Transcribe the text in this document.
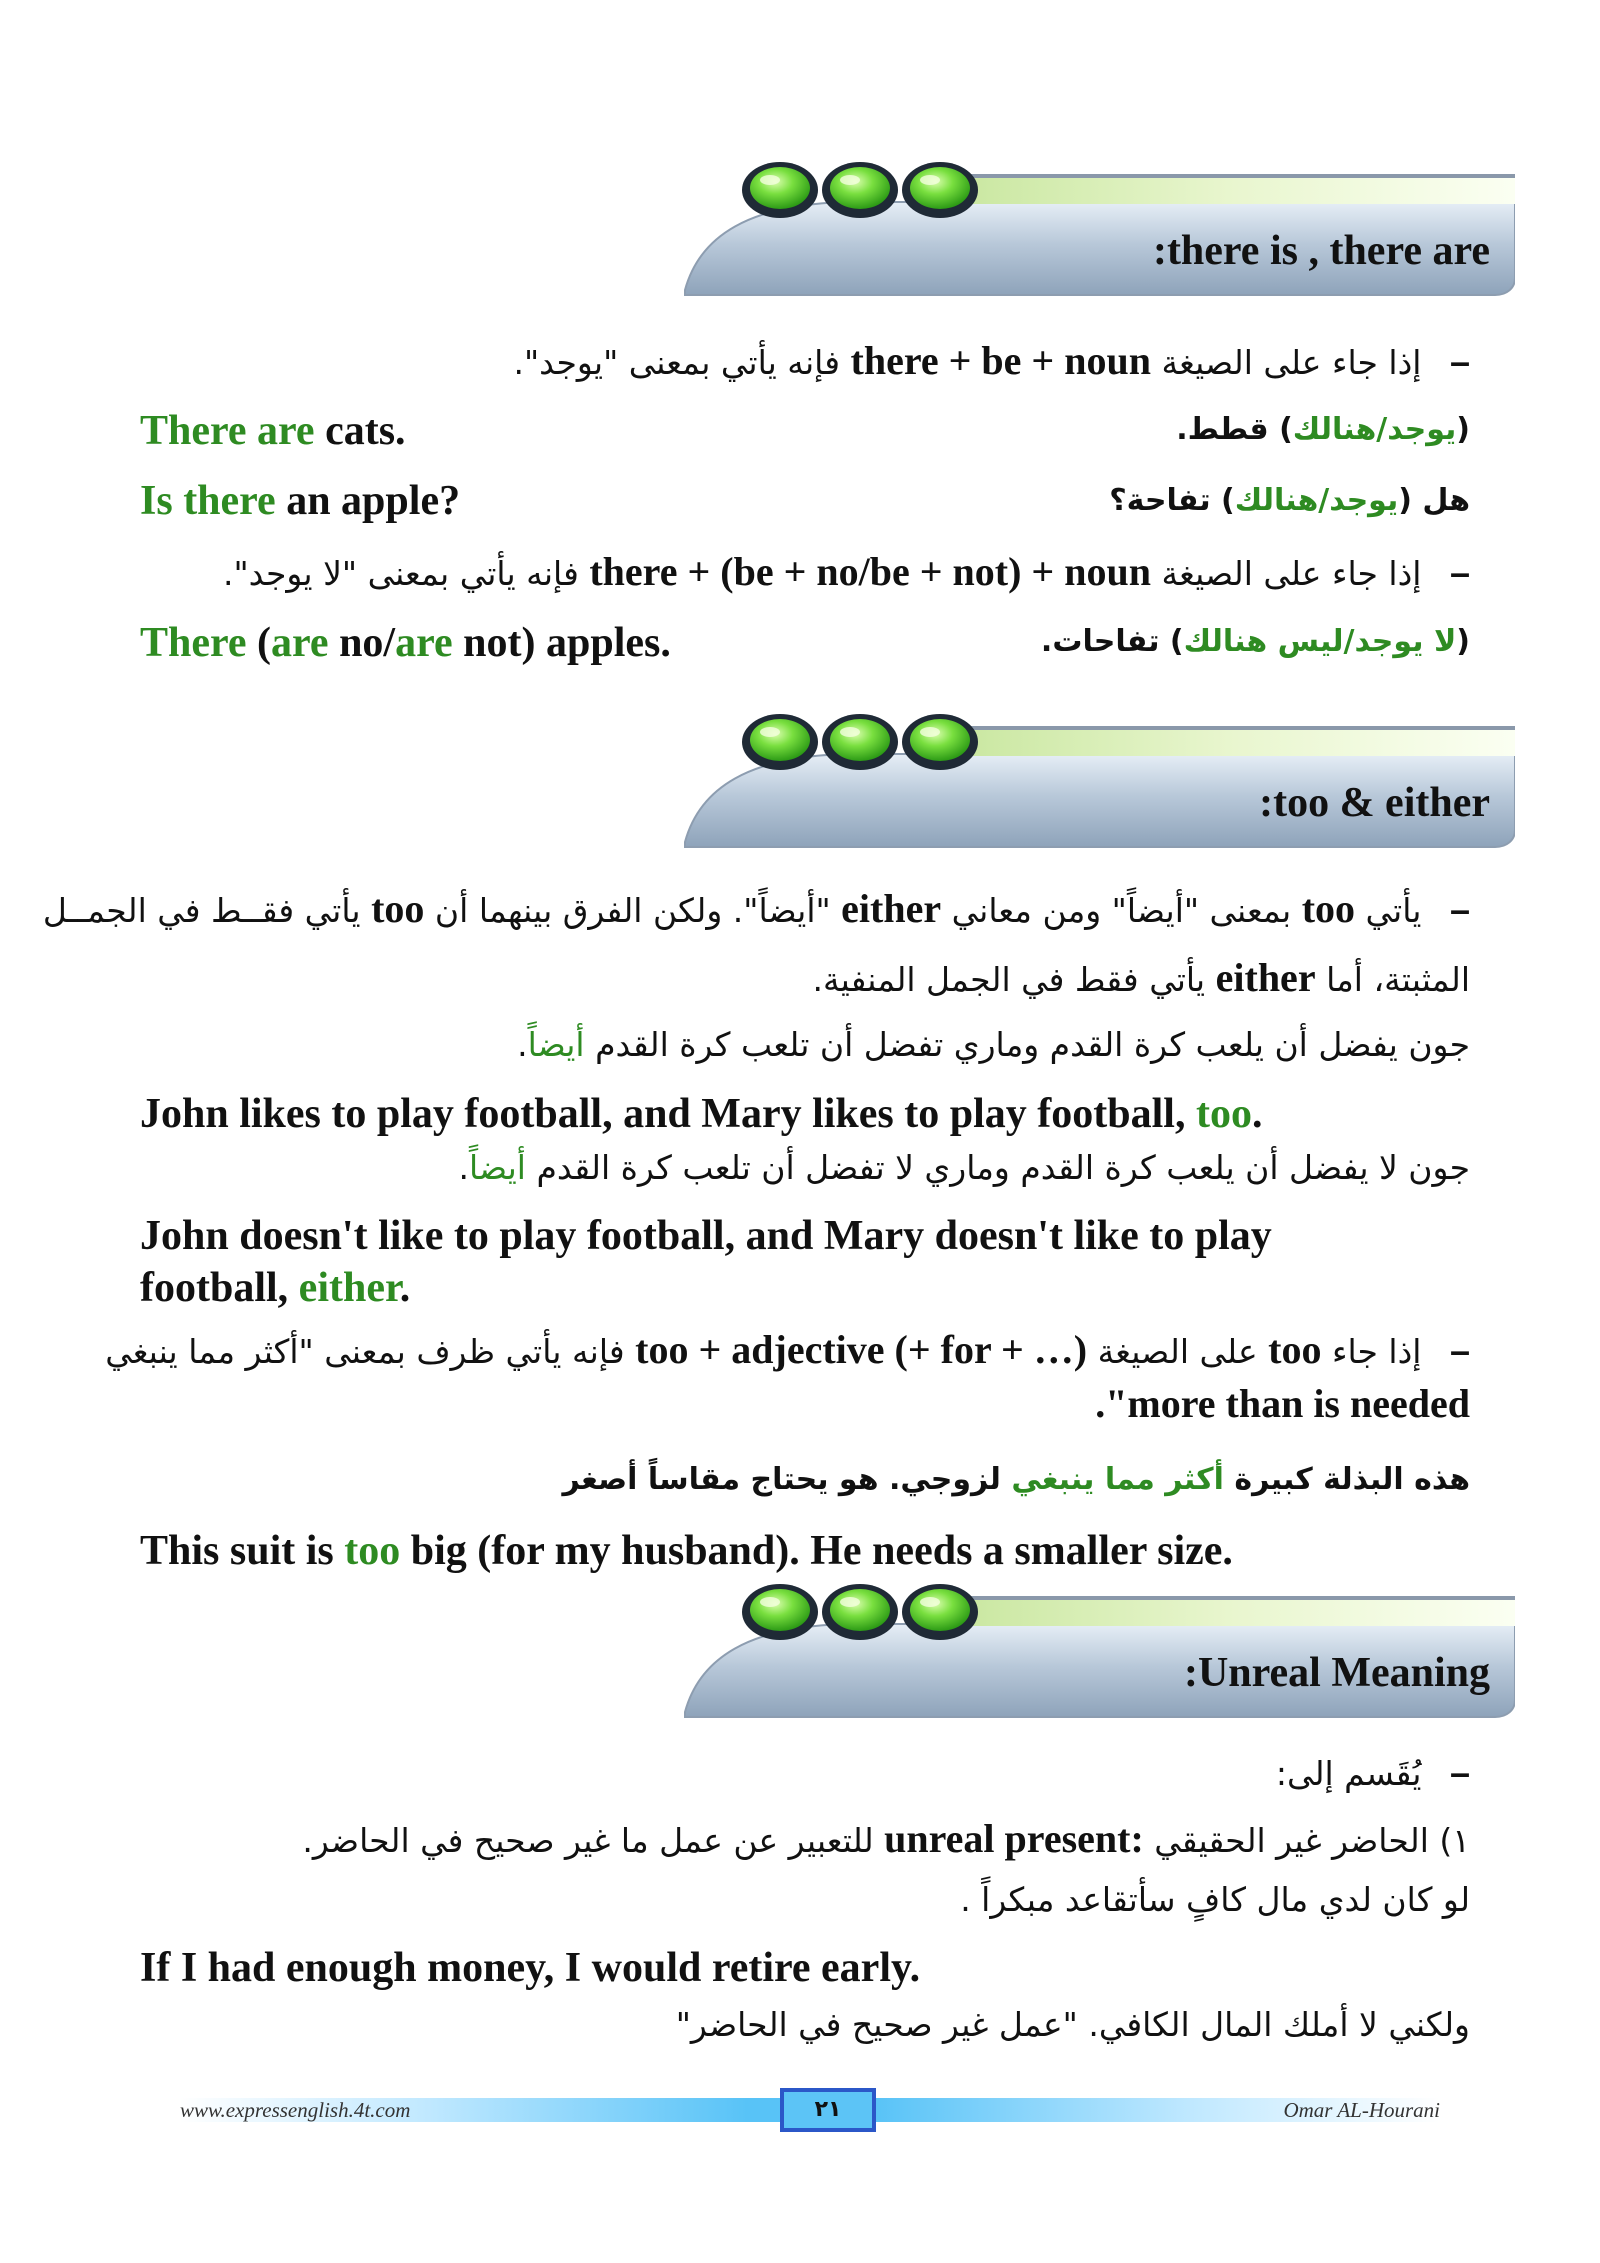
:there is , there are
– إذا جاء على الصيغة there + be + noun فإنه يأتي بمعنى "يوجد".
There are cats.	(يوجد/هنالك) قطط.
Is there an apple?	هل (يوجد/هنالك) تفاحة؟
– إذا جاء على الصيغة there + (be + no/be + not) + noun فإنه يأتي بمعنى "لا يوجد".
There (are no/are not) apples.	(لا يوجد/ليس هنالك) تفاحات.
:too & either
– يأتي too بمعنى "أيضاً" ومن معاني either "أيضاً". ولكن الفرق بينهما أن too يأتي فقــط في الجمــل
المثبتة، أما either يأتي فقط في الجمل المنفية.
جون يفضل أن يلعب كرة القدم وماري تفضل أن تلعب كرة القدم أيضاً.
John likes to play football, and Mary likes to play football, too.
جون لا يفضل أن يلعب كرة القدم وماري لا تفضل أن تلعب كرة القدم أيضاً.
John doesn't like to play football, and Mary doesn't like to play
football, either.
– إذا جاء too على الصيغة too + adjective (+ for + …) فإنه يأتي ظرف بمعنى "أكثر مما ينبغي
."more than is needed
هذه البذلة كبيرة أكثر مما ينبغي لزوجي. هو يحتاج مقاساً أصغر
This suit is too big (for my husband). He needs a smaller size.
:Unreal Meaning
– يُقَسم إلى:
١) الحاضر غير الحقيقي unreal present: للتعبير عن عمل ما غير صحيح في الحاضر.
لو كان لدي مال كافٍ سأتقاعد مبكراً .
If I had enough money, I would retire early.
ولكني لا أملك المال الكافي. "عمل غير صحيح في الحاضر"
www.expressenglish.4t.com	٢١	Omar AL-Hourani
